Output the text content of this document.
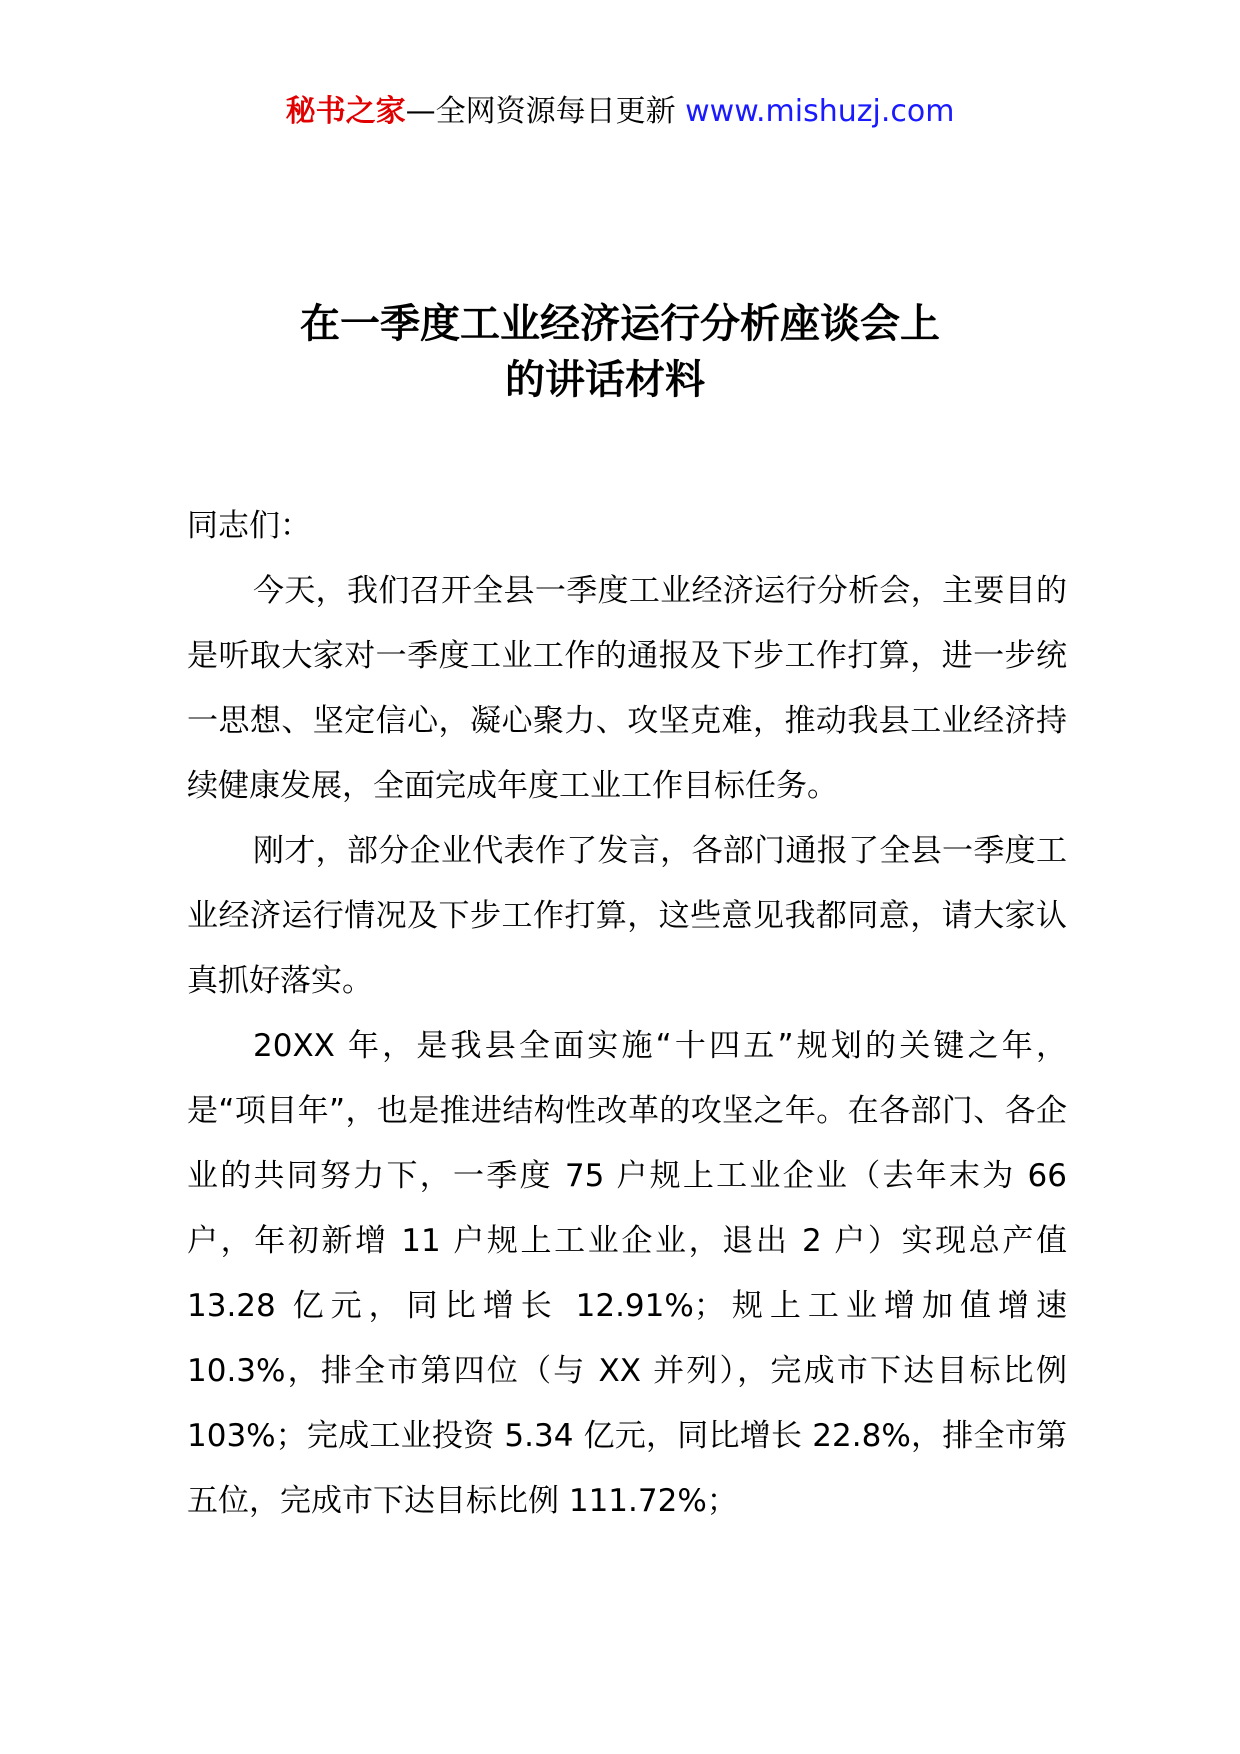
秘书之家—全网资源每日更新 www.mishuzj.com
在一季度工业经济运行分析座谈会上
的讲话材料

同志们：

今天，我们召开全县一季度工业经济运行分析会，主要目的是听取大家对一季度工业工作的通报及下步工作打算，进一步统一思想、坚定信心，凝心聚力、攻坚克难，推动我县工业经济持续健康发展，全面完成年度工业工作目标任务。

刚才，部分企业代表作了发言，各部门通报了全县一季度工业经济运行情况及下步工作打算，这些意见我都同意，请大家认真抓好落实。

20XX 年，是我县全面实施“十四五”规划的关键之年，是“项目年”，也是推进结构性改革的攻坚之年。在各部门、各企业的共同努力下，一季度 75 户规上工业企业（去年末为 66 户，年初新增 11 户规上工业企业，退出 2 户）实现总产值 13.28 亿元，同比增长 12.91%；规上工业增加值增速 10.3%，排全市第四位（与 XX 并列），完成市下达目标比例 103%；完成工业投资 5.34 亿元，同比增长 22.8%，排全市第五位，完成市下达目标比例 111.72%；
